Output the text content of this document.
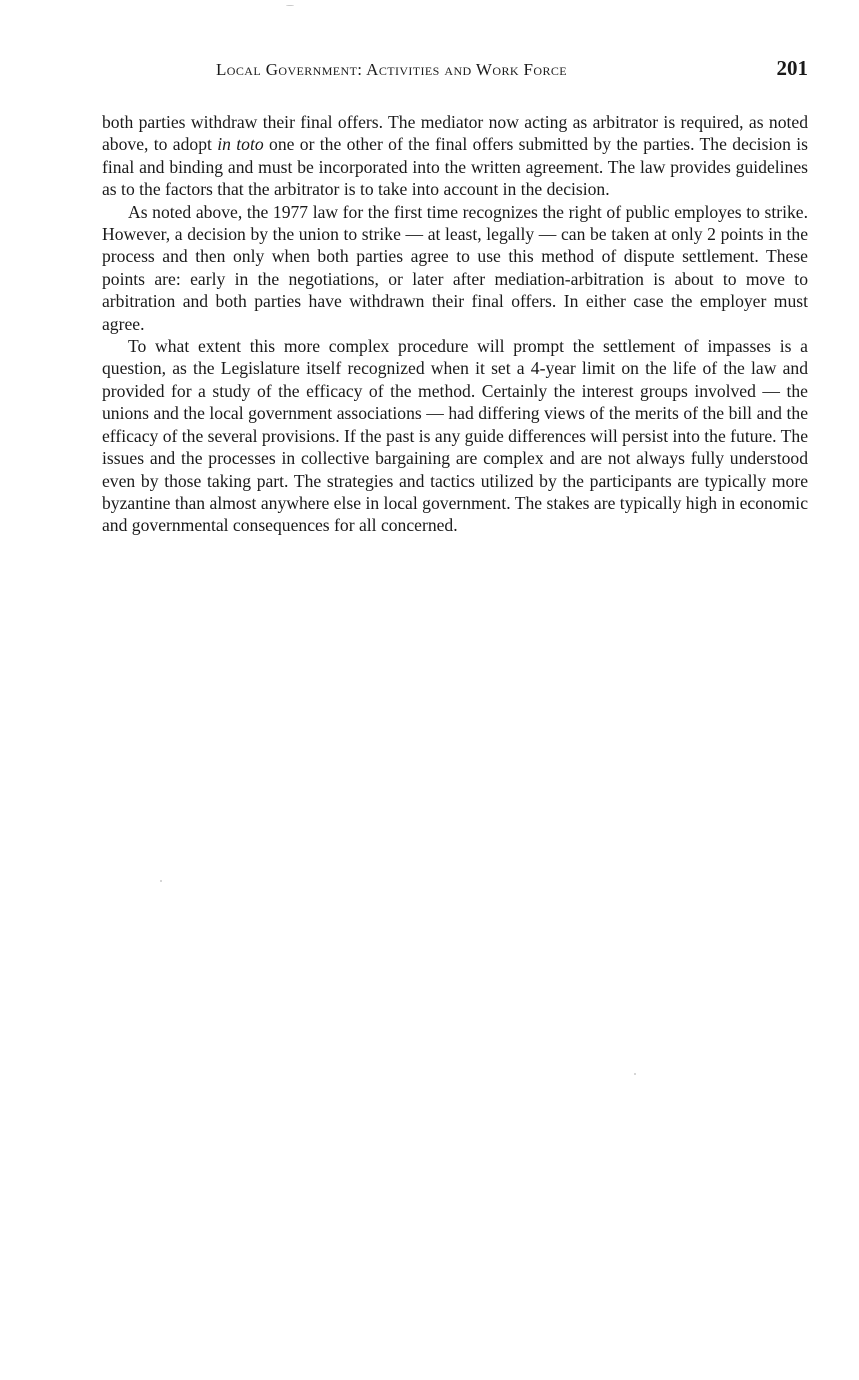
Local Government: Activities and Work Force	201

both parties withdraw their final offers. The mediator now acting as arbitrator is required, as noted above, to adopt in toto one or the other of the final offers submitted by the parties. The decision is final and binding and must be incorporated into the written agreement. The law provides guidelines as to the factors that the arbitrator is to take into account in the decision.

As noted above, the 1977 law for the first time recognizes the right of public employes to strike. However, a decision by the union to strike — at least, legally — can be taken at only 2 points in the process and then only when both parties agree to use this method of dispute settlement. These points are: early in the negotiations, or later after mediation-arbitration is about to move to arbitration and both parties have withdrawn their final offers. In either case the employer must agree.

To what extent this more complex procedure will prompt the settlement of impasses is a question, as the Legislature itself recognized when it set a 4-year limit on the life of the law and provided for a study of the efficacy of the method. Certainly the interest groups involved — the unions and the local government associations — had differing views of the merits of the bill and the efficacy of the several provisions. If the past is any guide differences will persist into the future. The issues and the processes in collective bargaining are complex and are not always fully understood even by those taking part. The strategies and tactics utilized by the participants are typically more byzantine than almost anywhere else in local government. The stakes are typically high in economic and governmental consequences for all concerned.
